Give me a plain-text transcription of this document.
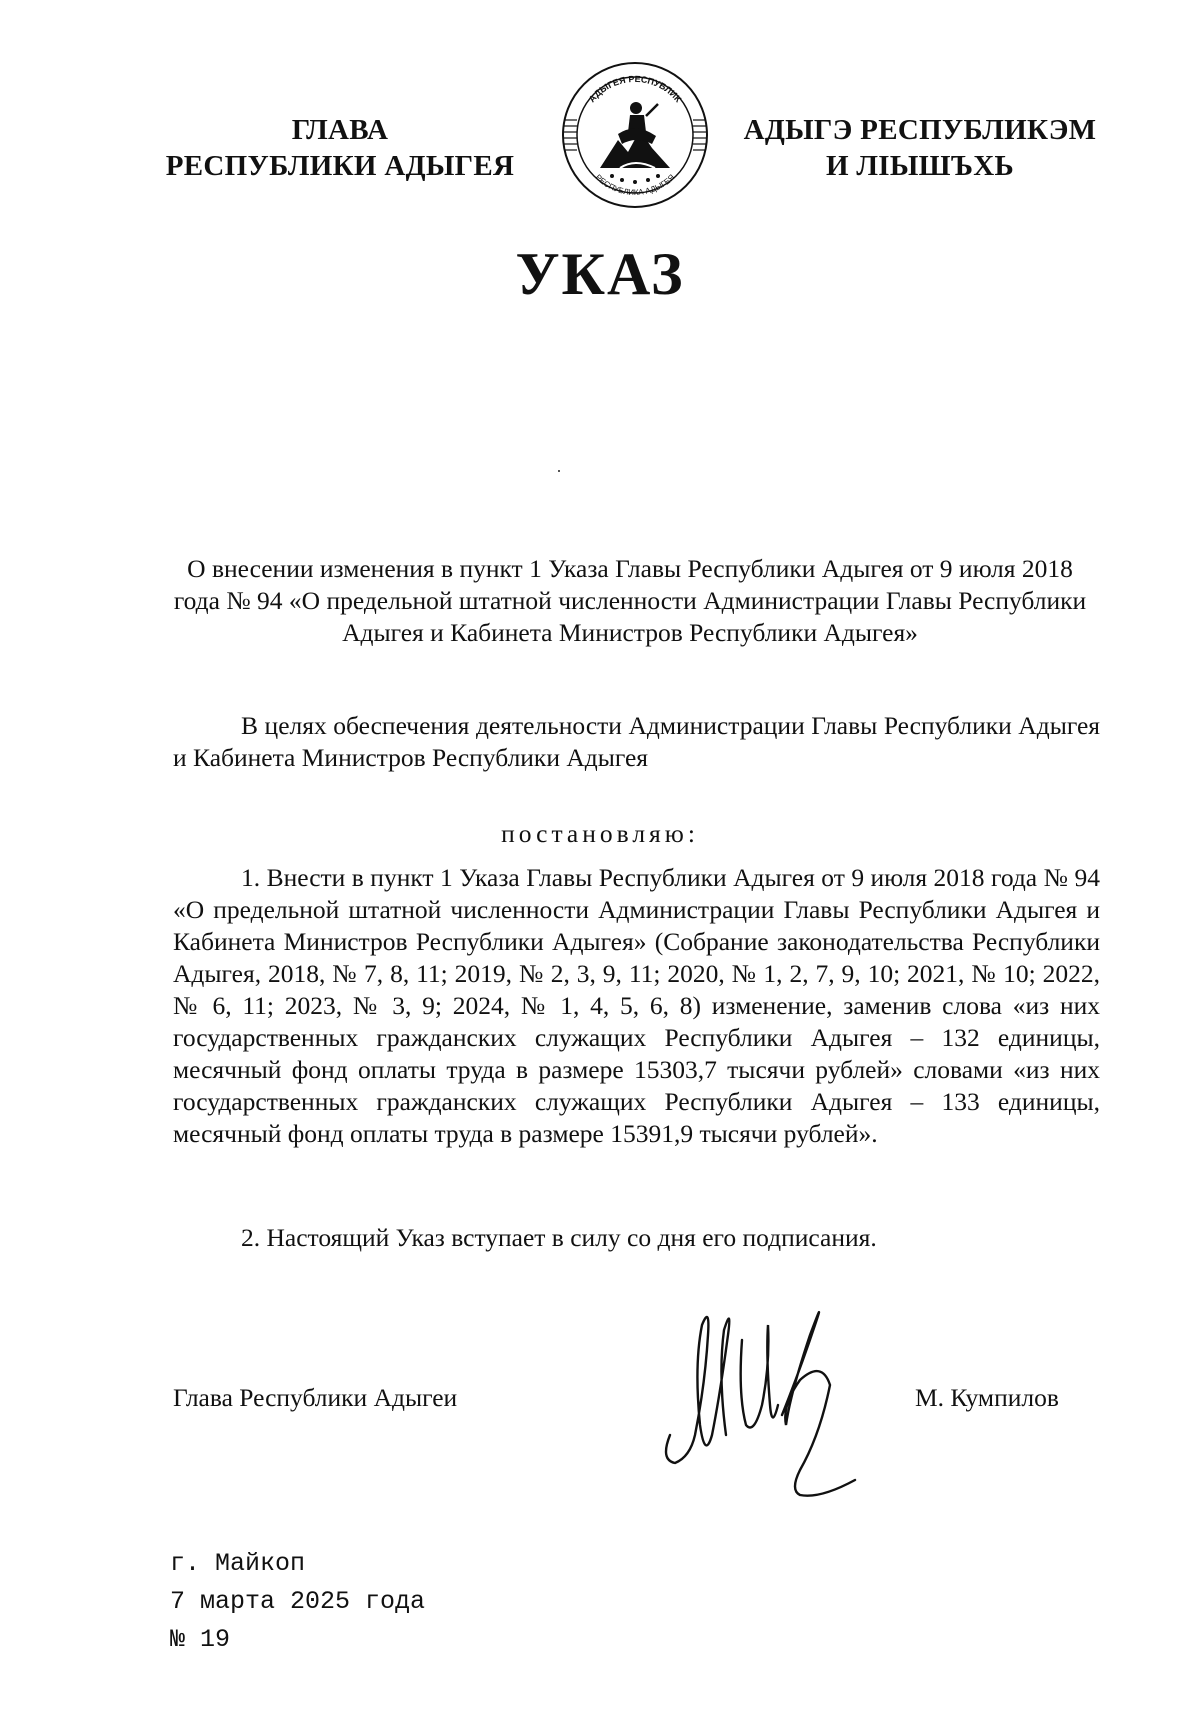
ГЛАВА
РЕСПУБЛИКИ АДЫГЕЯ
АДЫГЕЯ РЕСПУБЛИК
РЕСПУБЛИКА АДЫГЕЯ
АДЫГЭ РЕСПУБЛИКЭМ
И ЛІЫШЪХЬ
УКАЗ
О внесении изменения в пункт 1 Указа Главы Республики Адыгея от 9 июля 2018 года № 94 «О предельной штатной численности Администрации Главы Республики Адыгея и Кабинета Министров Республики Адыгея»
В целях обеспечения деятельности Администрации Главы Республики Адыгея и Кабинета Министров Республики Адыгея
постановляю:
1. Внести в пункт 1 Указа Главы Республики Адыгея от 9 июля 2018 года № 94 «О предельной штатной численности Администрации Главы Республики Адыгея и Кабинета Министров Республики Адыгея» (Собрание законодательства Республики Адыгея, 2018, № 7, 8, 11; 2019, № 2, 3, 9, 11; 2020, № 1, 2, 7, 9, 10; 2021, № 10; 2022, № 6, 11; 2023, № 3, 9; 2024, № 1, 4, 5, 6, 8) изменение, заменив слова «из них государственных гражданских служащих Республики Адыгея – 132 единицы, месячный фонд оплаты труда в размере 15303,7 тысячи рублей» словами «из них государственных гражданских служащих Республики Адыгея – 133 единицы, месячный фонд оплаты труда в размере 15391,9 тысячи рублей».
2. Настоящий Указ вступает в силу со дня его подписания.
Глава Республики Адыгеи	М. Кумпилов
г. Майкоп
7 марта 2025 года
№ 19
